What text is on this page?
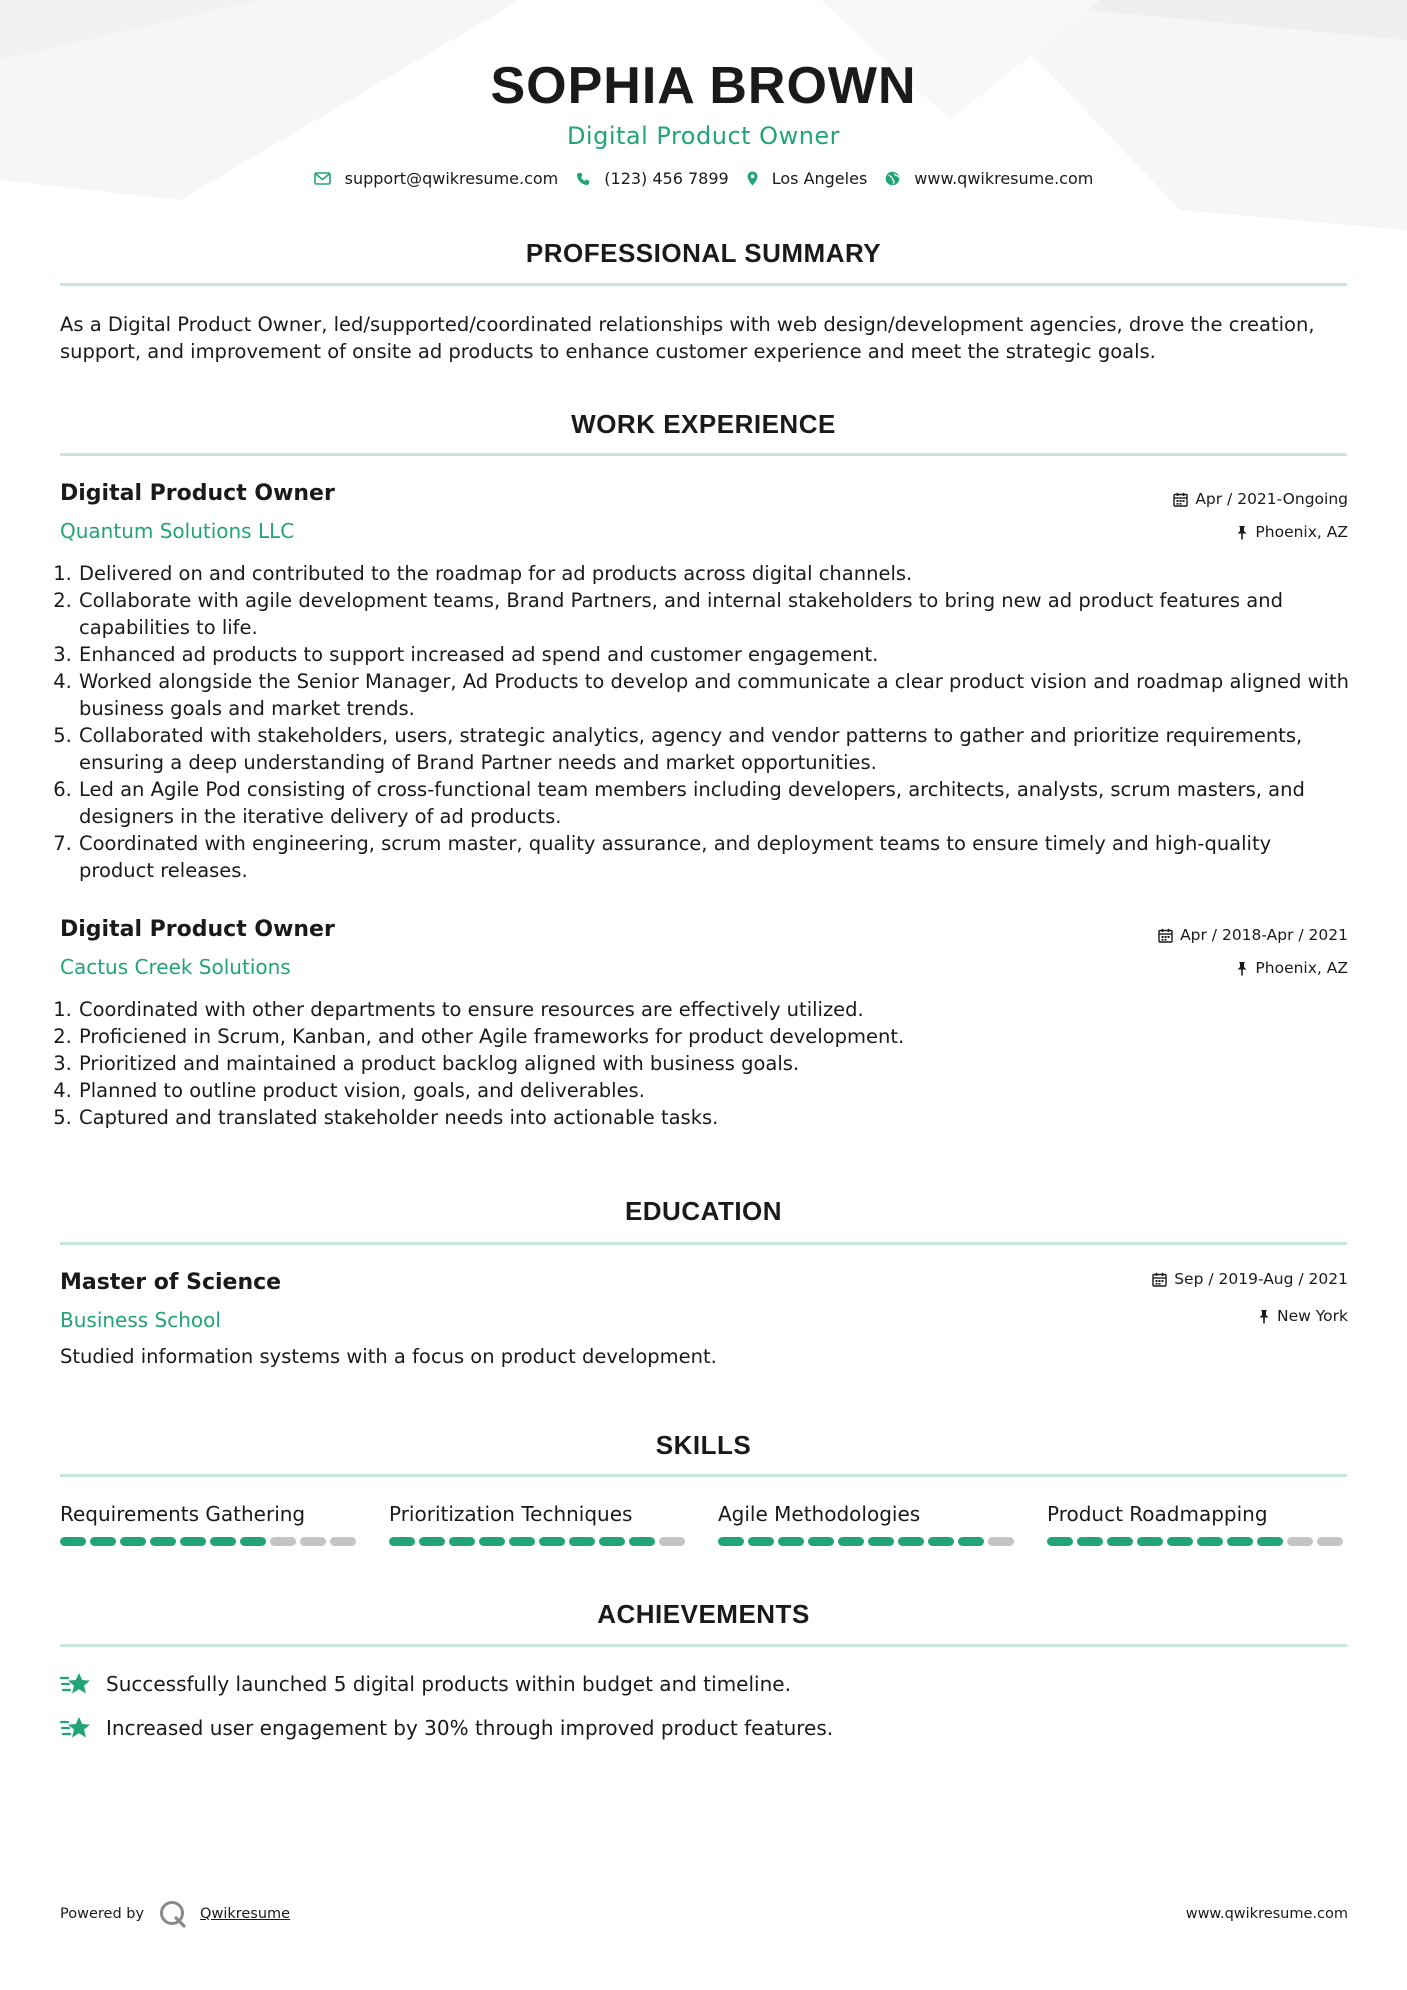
SOPHIA BROWN
Digital Product Owner
support@qwikresume.com	(123) 456 7899	Los Angeles	www.qwikresume.com
PROFESSIONAL SUMMARY
As a Digital Product Owner, led/supported/coordinated relationships with web design/development agencies, drove the creation, support, and improvement of onsite ad products to enhance customer experience and meet the strategic goals.
WORK EXPERIENCE
Digital Product Owner	Apr / 2021-Ongoing
Quantum Solutions LLC	Phoenix, AZ
1. Delivered on and contributed to the roadmap for ad products across digital channels.
2. Collaborate with agile development teams, Brand Partners, and internal stakeholders to bring new ad product features and capabilities to life.
3. Enhanced ad products to support increased ad spend and customer engagement.
4. Worked alongside the Senior Manager, Ad Products to develop and communicate a clear product vision and roadmap aligned with business goals and market trends.
5. Collaborated with stakeholders, users, strategic analytics, agency and vendor patterns to gather and prioritize requirements, ensuring a deep understanding of Brand Partner needs and market opportunities.
6. Led an Agile Pod consisting of cross-functional team members including developers, architects, analysts, scrum masters, and designers in the iterative delivery of ad products.
7. Coordinated with engineering, scrum master, quality assurance, and deployment teams to ensure timely and high-quality product releases.
Digital Product Owner	Apr / 2018-Apr / 2021
Cactus Creek Solutions	Phoenix, AZ
1. Coordinated with other departments to ensure resources are effectively utilized.
2. Proficiened in Scrum, Kanban, and other Agile frameworks for product development.
3. Prioritized and maintained a product backlog aligned with business goals.
4. Planned to outline product vision, goals, and deliverables.
5. Captured and translated stakeholder needs into actionable tasks.
EDUCATION
Master of Science	Sep / 2019-Aug / 2021
Business School	New York
Studied information systems with a focus on product development.
SKILLS
Requirements Gathering	Prioritization Techniques	Agile Methodologies	Product Roadmapping
ACHIEVEMENTS
Successfully launched 5 digital products within budget and timeline.
Increased user engagement by 30% through improved product features.
Powered by	Qwikresume	www.qwikresume.com
